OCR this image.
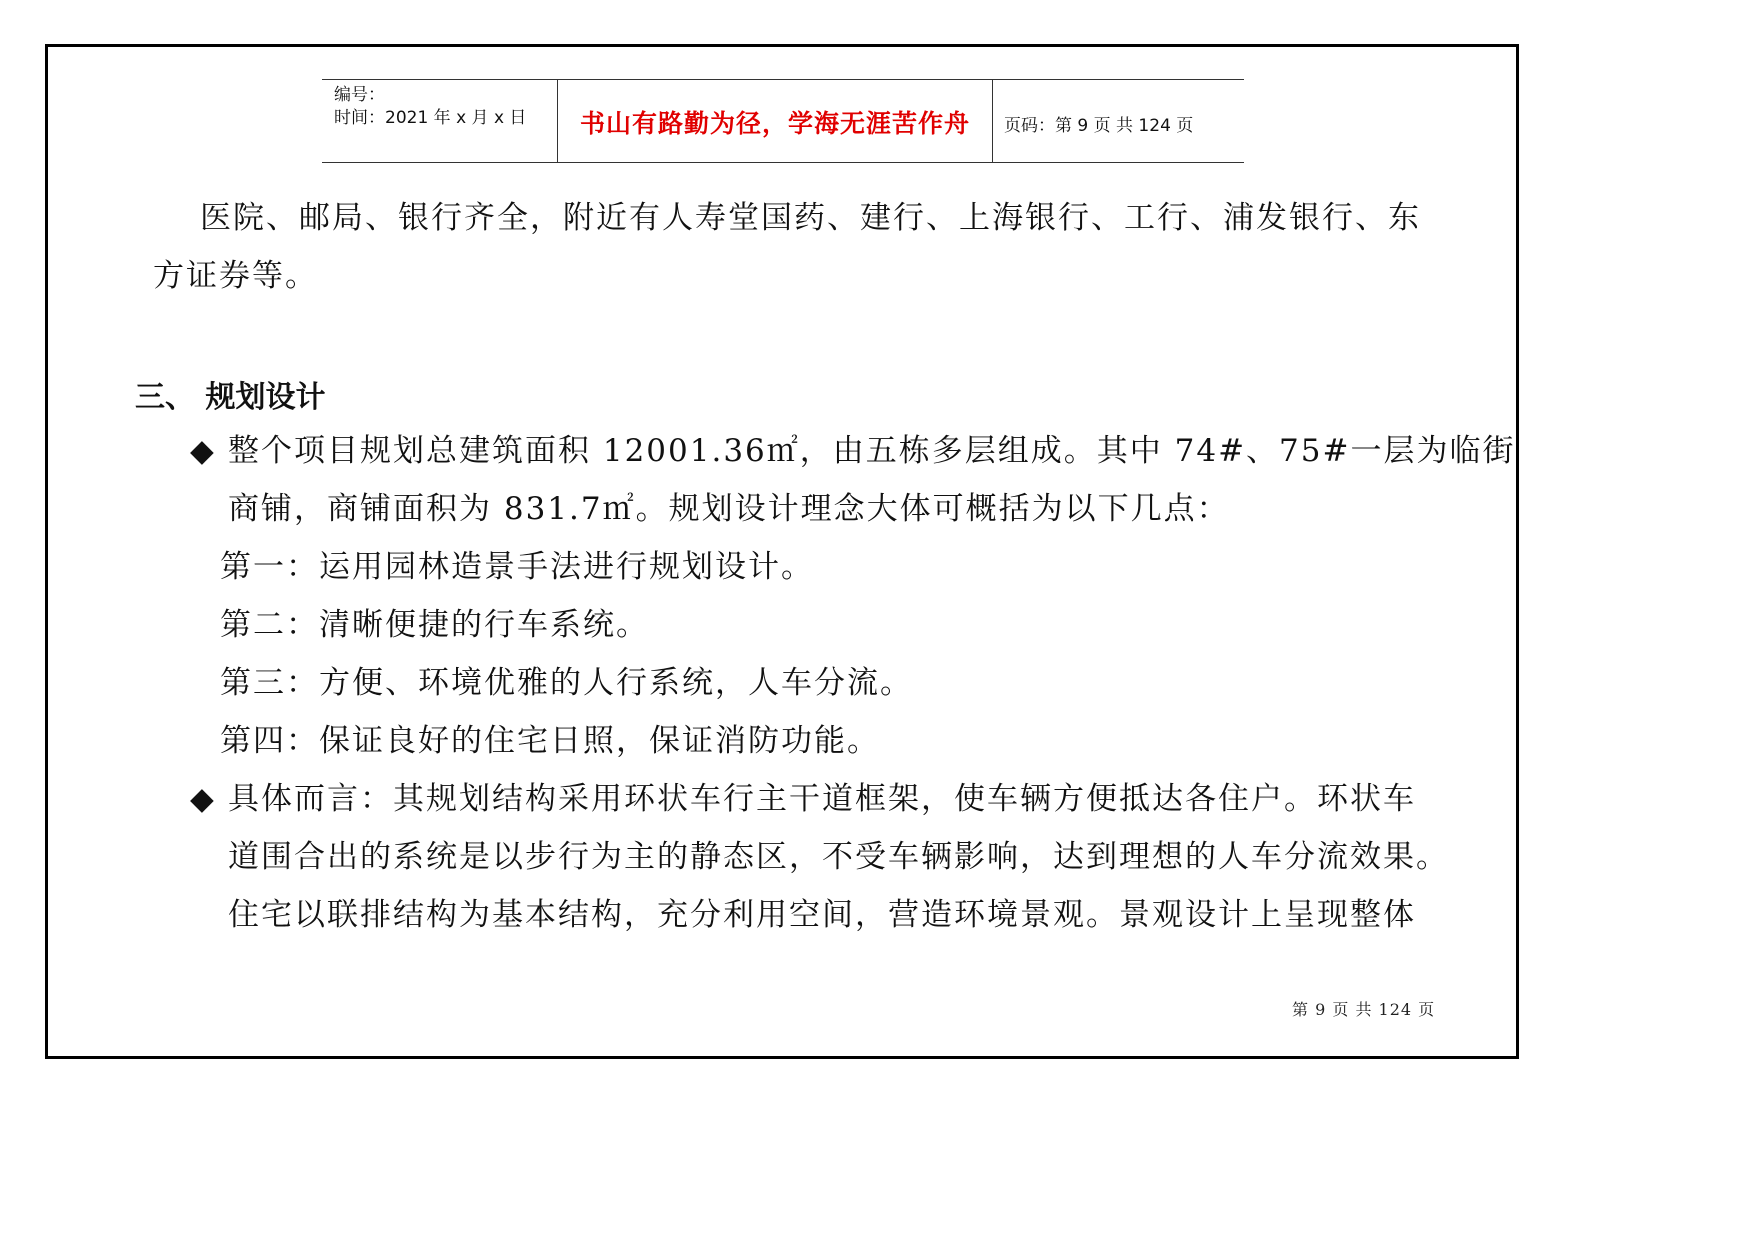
编号：
时间：2021 年 x 月 x 日	书山有路勤为径，学海无涯苦作舟	页码：第 9 页 共 124 页
医院、邮局、银行齐全，附近有人寿堂国药、建行、上海银行、工行、浦发银行、东
方证券等。
三、 规划设计
◆ 整个项目规划总建筑面积 12001.36㎡，由五栋多层组成。其中 74#、75#一层为临街
商铺，商铺面积为 831.7㎡。规划设计理念大体可概括为以下几点：
第一：运用园林造景手法进行规划设计。
第二：清晰便捷的行车系统。
第三：方便、环境优雅的人行系统，人车分流。
第四：保证良好的住宅日照，保证消防功能。
◆ 具体而言：其规划结构采用环状车行主干道框架，使车辆方便抵达各住户。环状车
道围合出的系统是以步行为主的静态区，不受车辆影响，达到理想的人车分流效果。
住宅以联排结构为基本结构，充分利用空间，营造环境景观。景观设计上呈现整体
第 9 页 共 124 页
